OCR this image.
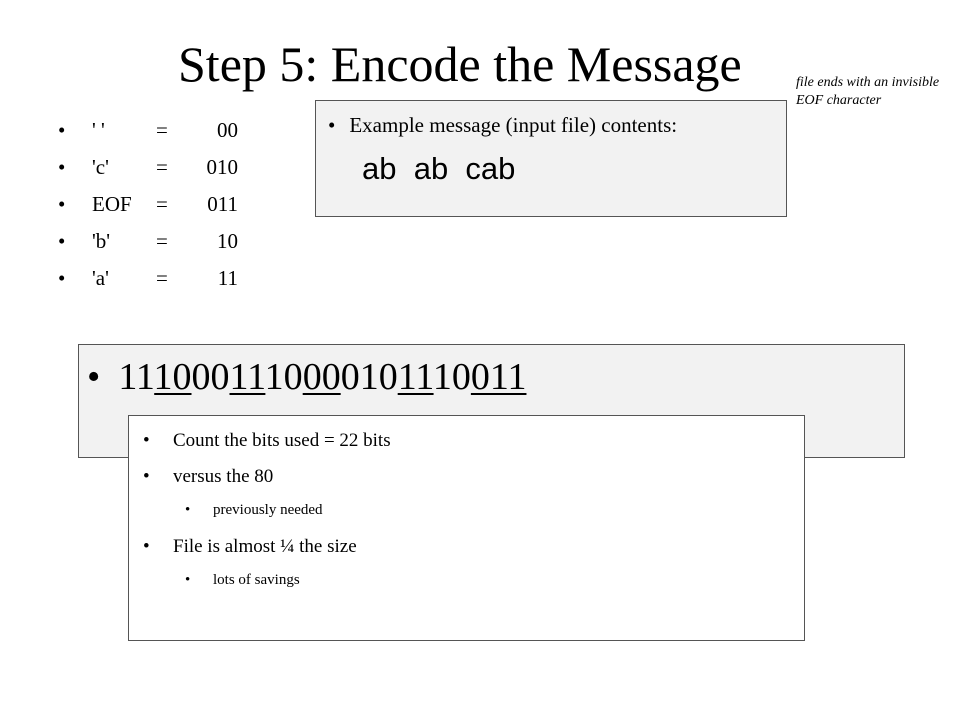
Step 5: Encode the Message	file ends with an invisible EOF character
• ' ' =	00
• 'c' =	010
• EOF =	011
• 'b' =	10
• 'a' =	11
• Example message (input file) contents:
ab  ab  cab
• 1110001110000101110011
• Count the bits used = 22 bits
• versus the 80
• previously needed
• File is almost ¼ the size
• lots of savings
